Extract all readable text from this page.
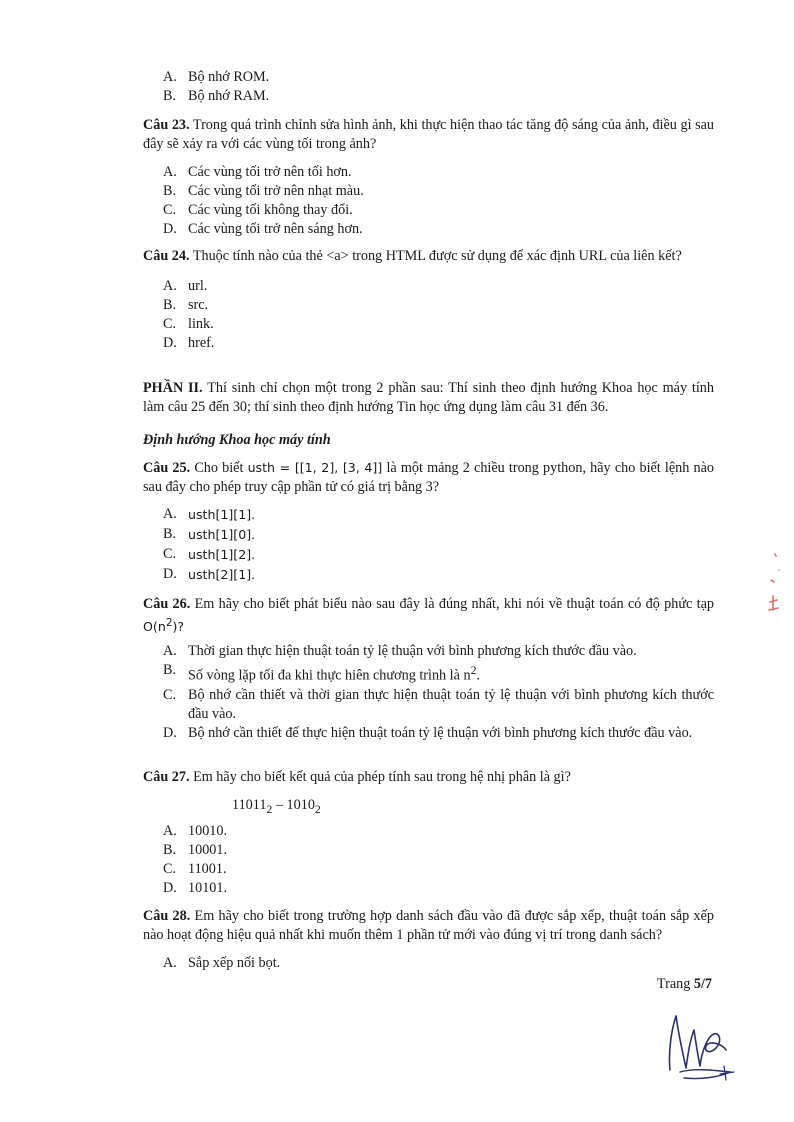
A. Bộ nhớ ROM.
B. Bộ nhớ RAM.
Câu 23. Trong quá trình chỉnh sửa hình ảnh, khi thực hiện thao tác tăng độ sáng của ảnh, điều gì sau đây sẽ xảy ra với các vùng tối trong ảnh?
A. Các vùng tối trở nên tối hơn.
B. Các vùng tối trở nên nhạt màu.
C. Các vùng tối không thay đổi.
D. Các vùng tối trở nên sáng hơn.
Câu 24. Thuộc tính nào của thẻ <a> trong HTML được sử dụng để xác định URL của liên kết?
A. url.
B. src.
C. link.
D. href.
PHẦN II. Thí sinh chỉ chọn một trong 2 phần sau: Thí sinh theo định hướng Khoa học máy tính làm câu 25 đến 30; thí sinh theo định hướng Tin học ứng dụng làm câu 31 đến 36.
Định hướng Khoa học máy tính
Câu 25. Cho biết usth = [[1, 2], [3, 4]] là một mảng 2 chiều trong python, hãy cho biết lệnh nào sau đây cho phép truy cập phần tử có giá trị bằng 3?
A. usth[1][1].
B. usth[1][0].
C. usth[1][2].
D. usth[2][1].
Câu 26. Em hãy cho biết phát biểu nào sau đây là đúng nhất, khi nói về thuật toán có độ phức tạp $O(n^2)$?
A. Thời gian thực hiện thuật toán tỷ lệ thuận với bình phương kích thước đầu vào.
B. Số vòng lặp tối đa khi thực hiên chương trình là $n^2$.
C. Bộ nhớ cần thiết và thời gian thực hiện thuật toán tỷ lệ thuận với bình phương kích thước đầu vào.
D. Bộ nhớ cần thiết để thực hiện thuật toán tỷ lệ thuận với bình phương kích thước đầu vào.
Câu 27. Em hãy cho biết kết quả của phép tính sau trong hệ nhị phân là gì?
$11011_2 - 1010_2$
A. 10010.
B. 10001.
C. 11001.
D. 10101.
Câu 28. Em hãy cho biết trong trường hợp danh sách đầu vào đã được sắp xếp, thuật toán sắp xếp nào hoạt động hiệu quả nhất khi muốn thêm 1 phần tử mới vào đúng vị trí trong danh sách?
A. Sắp xếp nổi bọt.
Trang 5/7
